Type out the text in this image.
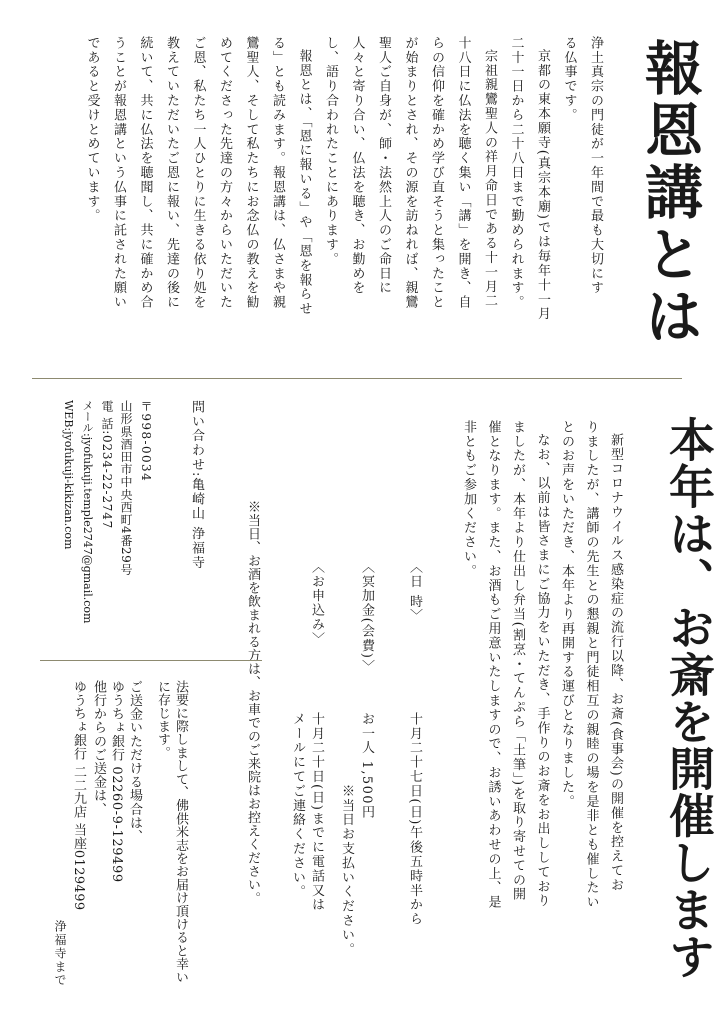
報恩講とは
浄土真宗の門徒が一年間で最も大切にす
る仏事です。
京都の東本願寺(真宗本廟)では毎年十一月
二十一日から二十八日まで勤められます。
宗祖親鸞聖人の祥月命日である十一月二
十八日に仏法を聴く集い「講」を開き、自
らの信仰を確かめ学び直そうと集ったこと
が始まりとされ、その源を訪ねれば、親鸞
聖人ご自身が、師・法然上人のご命日に
人々と寄り合い、仏法を聴き、お勤めを
し、語り合われたことにあります。
報恩とは、「恩に報いる」や「恩を報らせ
る」とも読みます。報恩講は、仏さまや親
鸞聖人、そして私たちにお念仏の教えを勧
めてくださった先達の方々からいただいた
ご恩、私たち一人ひとりに生きる依り処を
教えていただいたご恩に報い、先達の後に
続いて、共に仏法を聴聞し、共に確かめ合
うことが報恩講という仏事に託された願い
であると受けとめています。
本年は、お斎を開催します
新型コロナウイルス感染症の流行以降、お斎(食事会)の開催を控えてお
りましたが、講師の先生との懇親と門徒相互の親睦の場を是非とも催したい
とのお声をいただき、本年より再開する運びとなりました。
なお、以前は皆さまにご協力をいただき、手作りのお斎をお出ししており
ましたが、本年より仕出し弁当(割烹・てんぷら「土筆」)を取り寄せての開
催となります。また、お酒もご用意いたしますので、お誘いあわせの上、是
非ともご参加ください。
〈日 時〉
十月二十七日(日)午後五時半から
〈冥加金(会費)〉
お一人 1,500円
※当日お支払いください。
〈お申込み〉
十月二十日(日)までに電話又は
メールにてご連絡ください。
※当日、お酒を飲まれる方は、お車でのご来院はお控えください。
問い合わせ:亀崎山 浄福寺
〒998-0034
山形県酒田市中央西町4番29号
電 話:0234-22-2747
メール:jyofukuji.temple2747@gmail.com
WEB:jyofukuji-kikizan.com
法要に際しまして、佛供米志をお届け頂けると幸い
に存じます。
ご送金いただける場合は、
ゆうちょ銀行 02260-9-129499
他行からのご送金は、
ゆうちょ銀行 二二九店 当座0129499
浄福寺まで
